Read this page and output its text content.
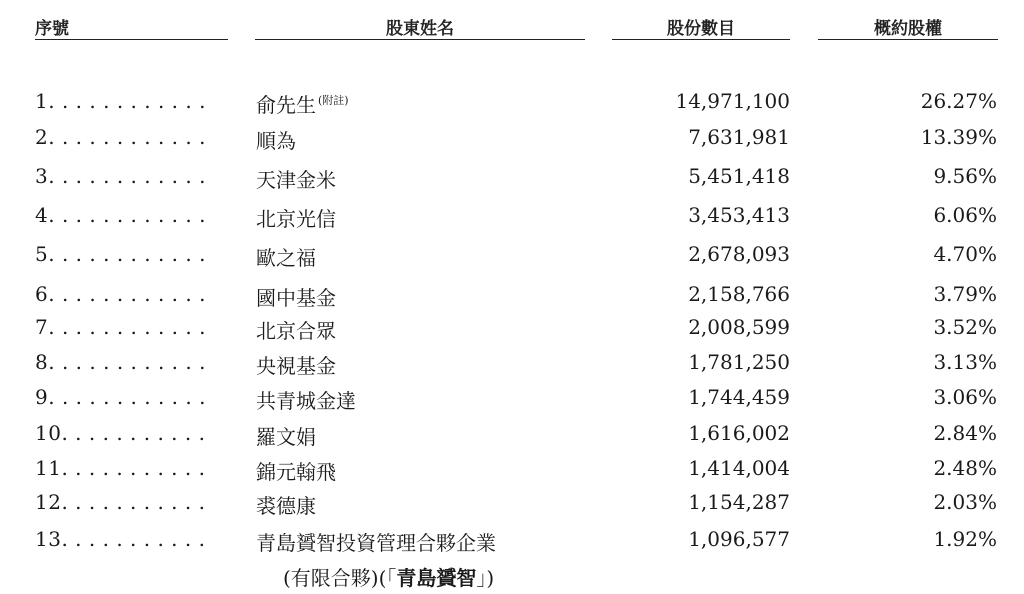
序號	股東姓名	股份數目	概約股權
1. . . . . . . . . . . .	俞先生 $^{(附註)}$	14,971,100	26.27%
2. . . . . . . . . . . .	順為	7,631,981	13.39%
3. . . . . . . . . . . .	天津金米	5,451,418	9.56%
4. . . . . . . . . . . .	北京光信	3,453,413	6.06%
5. . . . . . . . . . . .	歐之福	2,678,093	4.70%
6. . . . . . . . . . . .	國中基金	2,158,766	3.79%
7. . . . . . . . . . . .	北京合眾	2,008,599	3.52%
8. . . . . . . . . . . .	央視基金	1,781,250	3.13%
9. . . . . . . . . . . .	共青城金達	1,744,459	3.06%
10. . . . . . . . . . .	羅文娟	1,616,002	2.84%
11. . . . . . . . . . .	錦元翰飛	1,414,004	2.48%
12. . . . . . . . . . .	裘德康	1,154,287	2.03%
13. . . . . . . . . . .	青島贇智投資管理合夥企業	1,096,577	1.92%
(有限合夥)(「青島贇智」)
